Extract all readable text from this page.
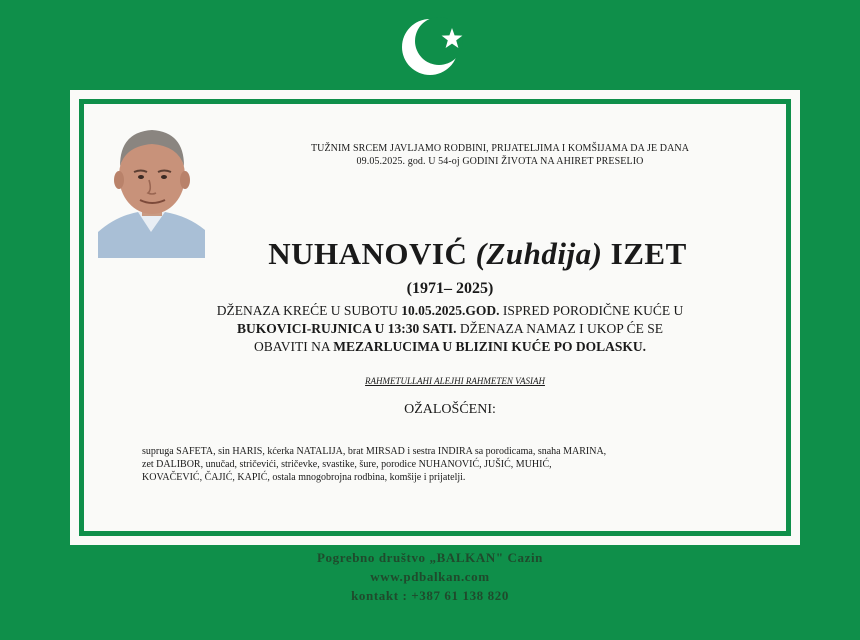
TUŽNIM SRCEM JAVLJAMO RODBINI, PRIJATELJIMA I KOMŠIJAMA DA JE DANA
09.05.2025. god. U 54-oj GODINI ŽIVOTA NA AHIRET PRESELIO
NUHANOVIĆ (Zuhdija) IZET
(1971– 2025)
DŽENAZA KREĆE U SUBOTU 10.05.2025.GOD. ISPRED PORODIČNE KUĆE U
BUKOVICI-RUJNICA U 13:30 SATI. DŽENAZA NAMAZ I UKOP ĆE SE
OBAVITI NA MEZARLUCIMA U BLIZINI KUĆE PO DOLASKU.
RAHMETULLAHI ALEJHI RAHMETEN VASIAH
OŽALOŠĆENI:
supruga SAFETA, sin HARIS, kćerka NATALIJA, brat MIRSAD i sestra INDIRA sa porodicama, snaha MARINA,
zet DALIBOR, unučad, stričevići, stričevke, svastike, šure, porodice NUHANOVIĆ, JUŠIĆ, MUHIĆ,
KOVAČEVIĆ, ČAJIĆ, KAPIĆ, ostala mnogobrojna rodbina, komšije i prijatelji.
Pogrebno društvo „BALKAN" Cazin
www.pdbalkan.com
kontakt : +387 61 138 820
